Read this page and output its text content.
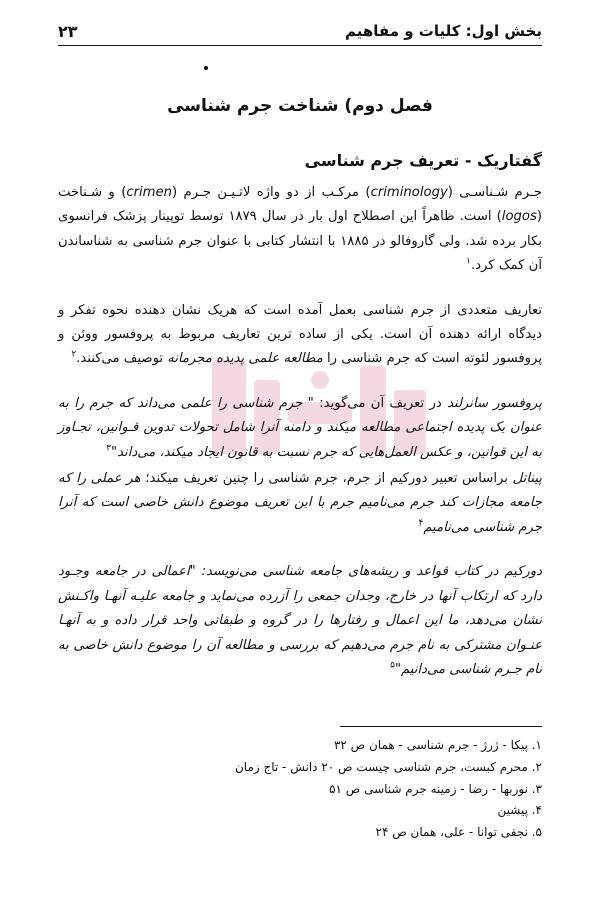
بخش اول: کلیات و مفاهیم
۲۳
فصل دوم) شناخت جرم شناسی
گفتاریک - تعریف جرم شناسی

جـرم شـناسـی (criminology) مرکـب از دو واژه لاتـیـن جـرم (crimen) و شـناخت (logos) است. ظاهراً این اصطلاح اول بار در سال ۱۸۷۹ توسط توپینار پزشک فرانسوی بکار برده شد. ولی گاروفالو در ۱۸۸۵ با انتشار کتابی با عنوان جرم شناسی به شناساندن آن کمک کرد.$^۱$

تعاریف متعددی از جرم شناسی بعمل آمده است که هریک نشان دهنده نحوه تفکر و دیدگاه ارائه دهنده آن است. یکی از ساده ترین تعاریف مربوط به پروفسور ووئن و پروفسور لئوته است که جرم شناسی را مطالعه علمی پدیده مجرمانه توصیف می‌کنند.$^۲$

پروفسور سانرلند در تعریف آن می‌گوید: " جرم شناسی را علمی می‌داند که جرم را به عنوان یک پدیده اجتماعی مطالعه میکند و دامنه آنرا شامل تحولات تدوین قـوانین، تجـاوز به این قوانین، و عکس العمل‌هایی که جرم نسبت به قانون ایجاد میکند، می‌داند"$^۳$

پیناتل براساس تعبیر دورکیم از جرم، جرم شناسی را چنین تعریف میکند؛ هر عملی را که جامعه مجازات کند جرم می‌نامیم جرم با این تعریف موضوع دانش خاصی است که آنرا جرم شناسی می‌نامیم$^۴$

دورکیم در کتاب قواعد و ریشه‌های جامعه شناسی می‌نویسد: "اعمالی در جامعه وجـود دارد که ارتکاب آنها در خارج، وجدان جمعی را آزرده می‌نماید و جامعه علیـه آنهـا واکـنش نشان می‌دهد، ما این اعمال و رفتارها را در گروه و طبقاتی واحد قرار داده و به آنهـا عنـوان مشترکی به نام جرم می‌دهیم که بررسی و مطالعه آن را موضوع دانش خاصی به نام جـرم شناسی می‌دانیم"$^۵$

۱. پیکا - ژرژ - جرم شناسی - همان ص ۳۲
۲. محرم کبست، جرم شناسی چیست ص ۲۰ دانش - تاج زمان
۳. نوربها - رضا - زمینه جرم شناسی ص ۵۱
۴. پیشین
۵. نجفی توانا - علی، همان ص ۲۴
